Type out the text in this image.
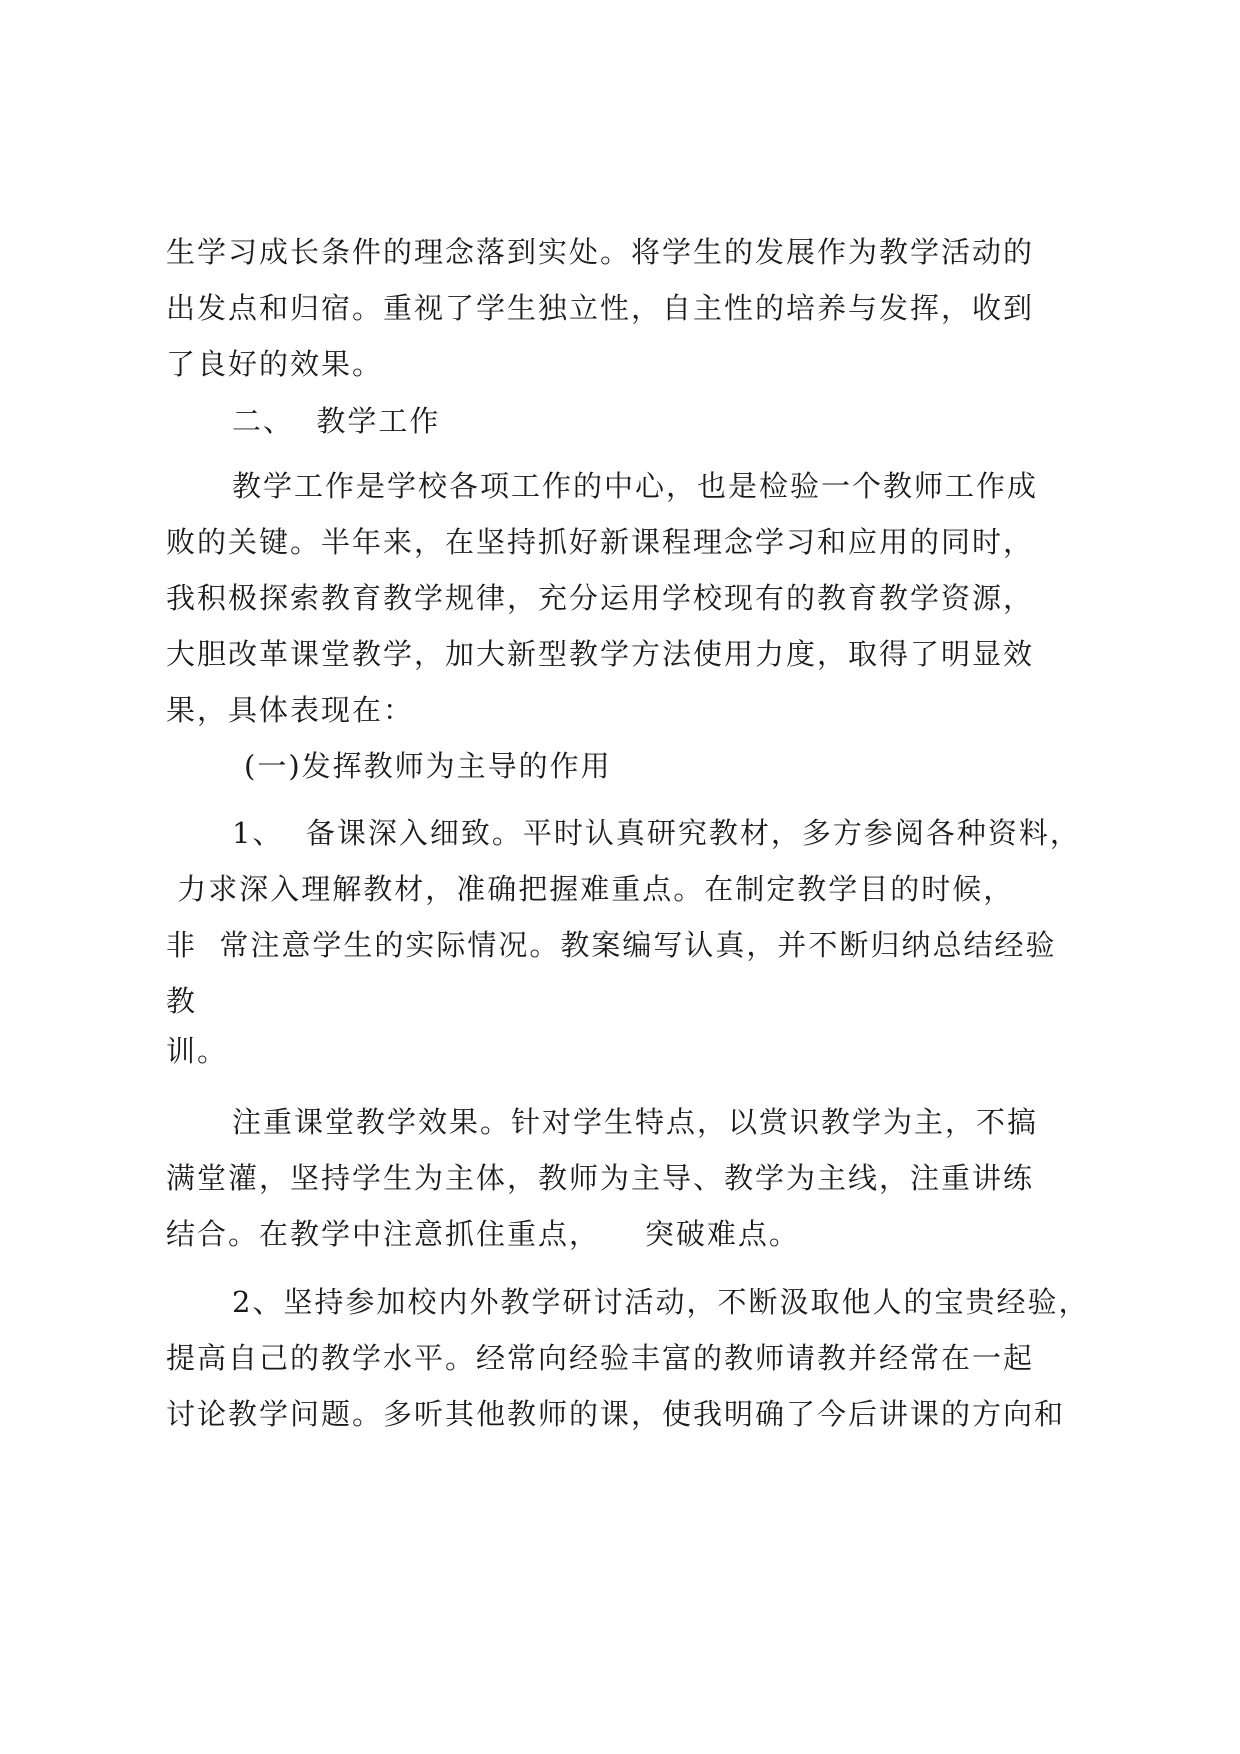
生学习成长条件的理念落到实处。将学生的发展作为教学活动的
出发点和归宿。重视了学生独立性，自主性的培养与发挥，收到
了良好的效果。
二、  教学工作
教学工作是学校各项工作的中心，也是检验一个教师工作成
败的关键。半年来，在坚持抓好新课程理念学习和应用的同时，
我积极探索教育教学规律，充分运用学校现有的教育教学资源，
大胆改革课堂教学，加大新型教学方法使用力度，取得了明显效
果，具体表现在：
(一)发挥教师为主导的作用
1、  备课深入细致。平时认真研究教材，多方参阅各种资料，
力求深入理解教材，准确把握难重点。在制定教学目的时候，
非  常注意学生的实际情况。教案编写认真，并不断归纳总结经验
教
训。
注重课堂教学效果。针对学生特点，以赏识教学为主，不搞
满堂灌，坚持学生为主体，教师为主导、教学为主线，注重讲练
结合。在教学中注意抓住重点，    突破难点。
2、坚持参加校内外教学研讨活动，不断汲取他人的宝贵经验，
提高自己的教学水平。经常向经验丰富的教师请教并经常在一起
讨论教学问题。多听其他教师的课，使我明确了今后讲课的方向和
